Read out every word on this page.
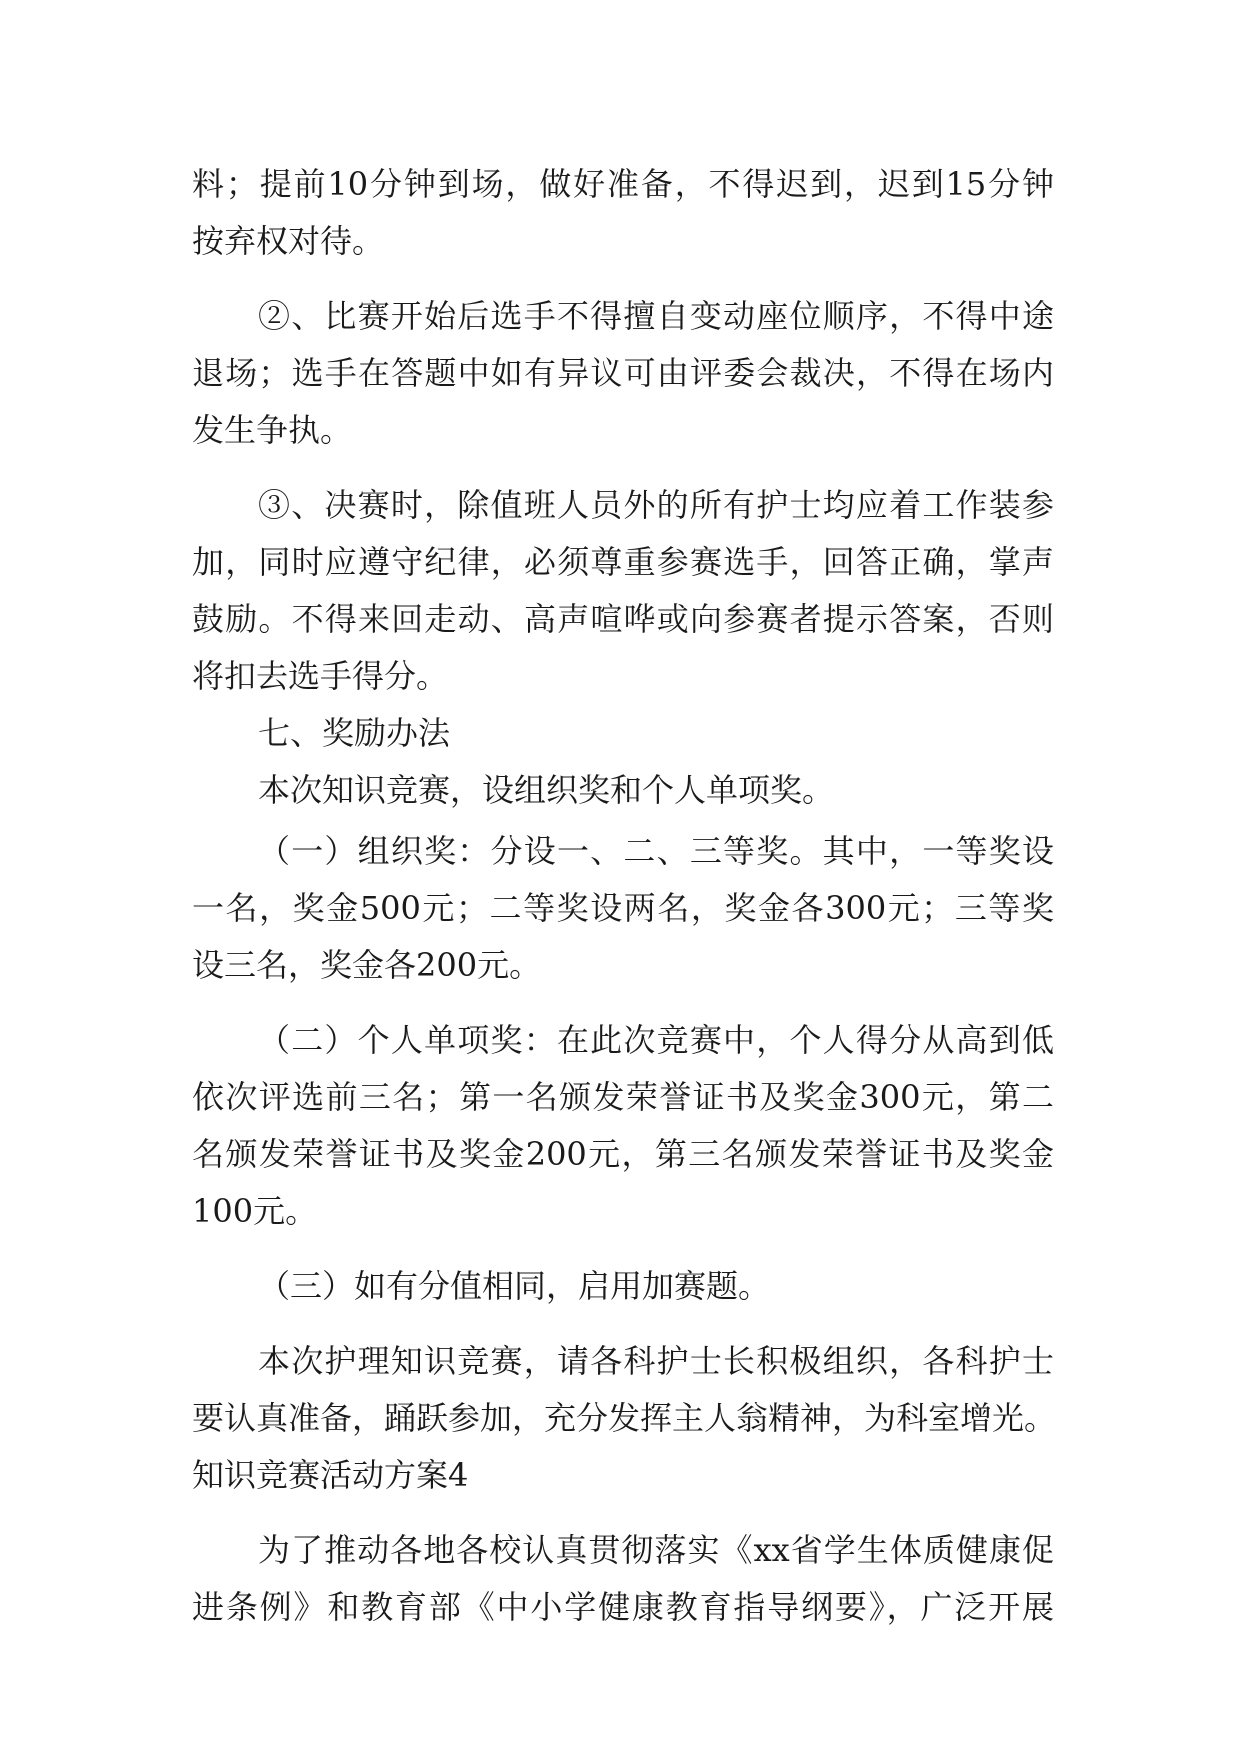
料；提前10分钟到场，做好准备，不得迟到，迟到15分钟
按弃权对待。
②、比赛开始后选手不得擅自变动座位顺序，不得中途
退场；选手在答题中如有异议可由评委会裁决，不得在场内
发生争执。
③、决赛时，除值班人员外的所有护士均应着工作装参
加，同时应遵守纪律，必须尊重参赛选手，回答正确，掌声
鼓励。不得来回走动、高声喧哗或向参赛者提示答案，否则
将扣去选手得分。
七、奖励办法
本次知识竞赛，设组织奖和个人单项奖。
（一）组织奖：分设一、二、三等奖。其中，一等奖设
一名，奖金500元；二等奖设两名，奖金各300元；三等奖
设三名，奖金各200元。
（二）个人单项奖：在此次竞赛中，个人得分从高到低
依次评选前三名；第一名颁发荣誉证书及奖金300元，第二
名颁发荣誉证书及奖金200元，第三名颁发荣誉证书及奖金
100元。
（三）如有分值相同，启用加赛题。
本次护理知识竞赛，请各科护士长积极组织，各科护士
要认真准备，踊跃参加，充分发挥主人翁精神，为科室增光。
知识竞赛活动方案4
为了推动各地各校认真贯彻落实《xx省学生体质健康促
进条例》和教育部《中小学健康教育指导纲要》，广泛开展
